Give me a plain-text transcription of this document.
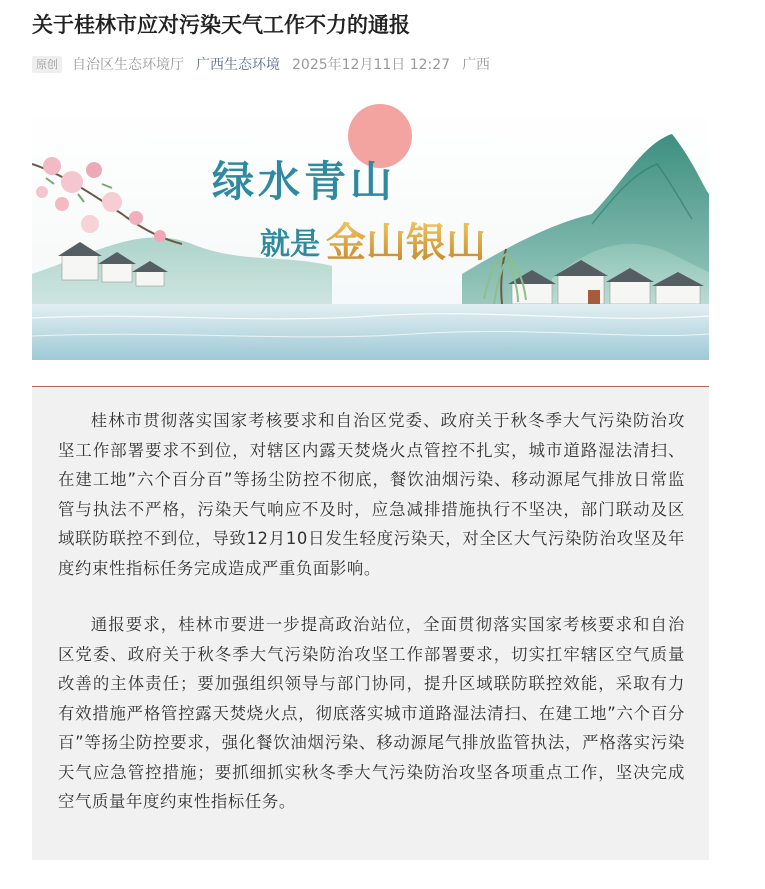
关于桂林市应对污染天气工作不力的通报
原创 自治区生态环境厅 广西生态环境 2025年12月11日 12:27 广西
绿水青山
就是 金山银山

桂林市贯彻落实国家考核要求和自治区党委、政府关于秋冬季大气污染防治攻坚工作部署要求不到位，对辖区内露天焚烧火点管控不扎实，城市道路湿法清扫、在建工地”六个百分百”等扬尘防控不彻底，餐饮油烟污染、移动源尾气排放日常监管与执法不严格，污染天气响应不及时，应急减排措施执行不坚决，部门联动及区域联防联控不到位，导致12月10日发生轻度污染天，对全区大气污染防治攻坚及年度约束性指标任务完成造成严重负面影响。

通报要求，桂林市要进一步提高政治站位，全面贯彻落实国家考核要求和自治区党委、政府关于秋冬季大气污染防治攻坚工作部署要求，切实扛牢辖区空气质量改善的主体责任；要加强组织领导与部门协同，提升区域联防联控效能，采取有力有效措施严格管控露天焚烧火点，彻底落实城市道路湿法清扫、在建工地”六个百分百”等扬尘防控要求，强化餐饮油烟污染、移动源尾气排放监管执法，严格落实污染天气应急管控措施；要抓细抓实秋冬季大气污染防治攻坚各项重点工作，坚决完成空气质量年度约束性指标任务。
